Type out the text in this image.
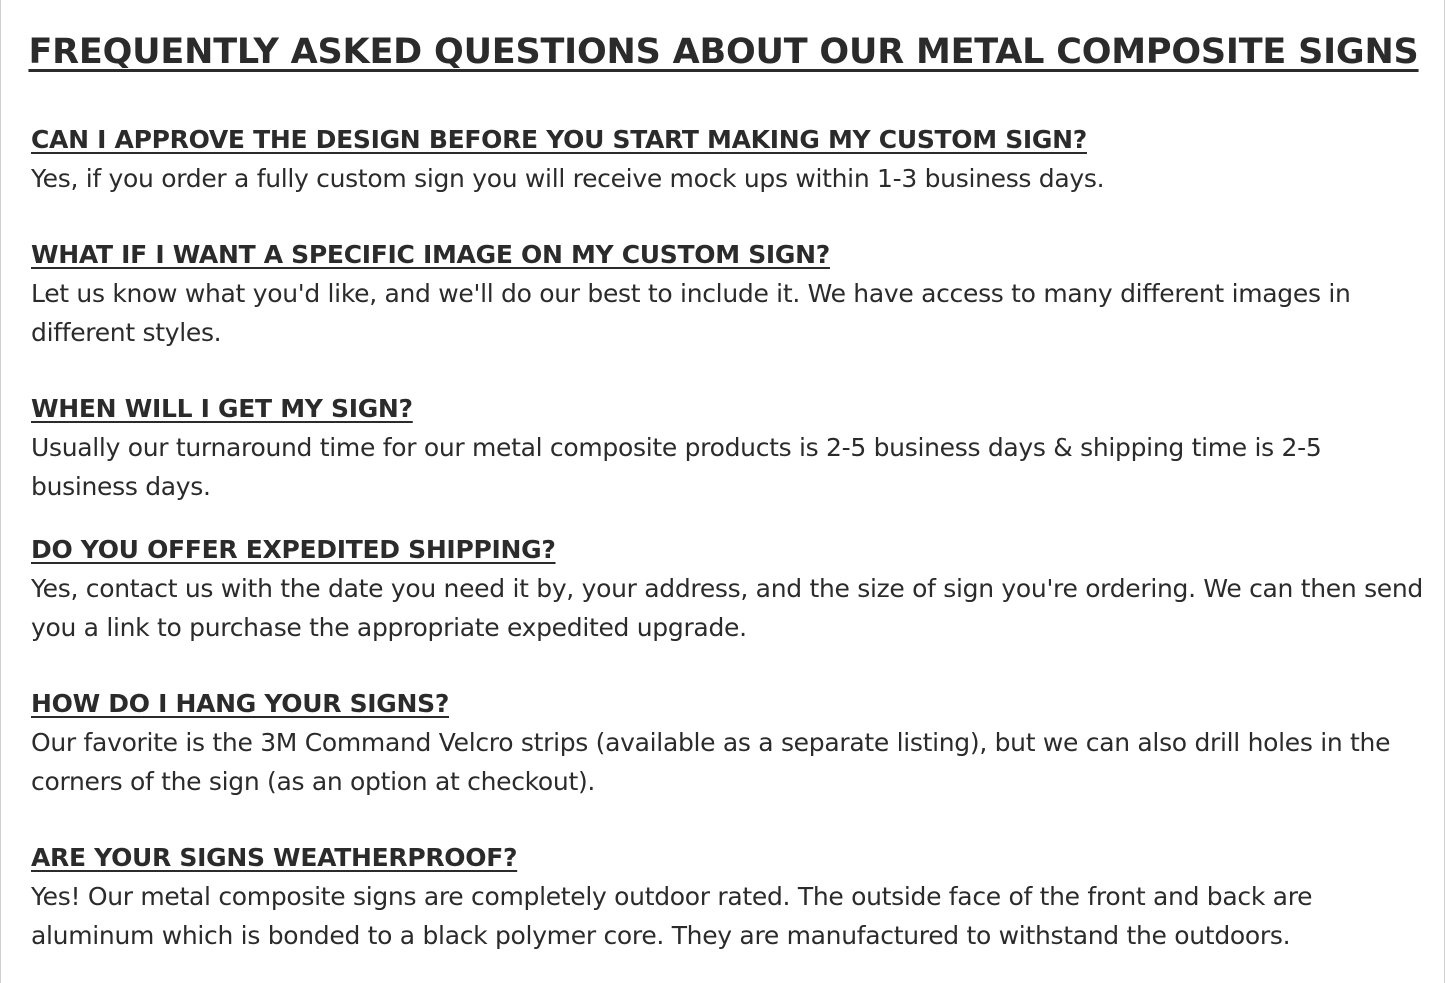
FREQUENTLY ASKED QUESTIONS ABOUT OUR METAL COMPOSITE SIGNS

CAN I APPROVE THE DESIGN BEFORE YOU START MAKING MY CUSTOM SIGN?

Yes, if you order a fully custom sign you will receive mock ups within 1-3 business days.

WHAT IF I WANT A SPECIFIC IMAGE ON MY CUSTOM SIGN?

Let us know what you'd like, and we'll do our best to include it. We have access to many different images in different styles.

WHEN WILL I GET MY SIGN?

Usually our turnaround time for our metal composite products is 2-5 business days & shipping time is 2-5 business days.

DO YOU OFFER EXPEDITED SHIPPING?

Yes, contact us with the date you need it by, your address, and the size of sign you're ordering. We can then send you a link to purchase the appropriate expedited upgrade.

HOW DO I HANG YOUR SIGNS?

Our favorite is the 3M Command Velcro strips (available as a separate listing), but we can also drill holes in the corners of the sign (as an option at checkout).

ARE YOUR SIGNS WEATHERPROOF?

Yes! Our metal composite signs are completely outdoor rated. The outside face of the front and back are aluminum which is bonded to a black polymer core. They are manufactured to withstand the outdoors.
